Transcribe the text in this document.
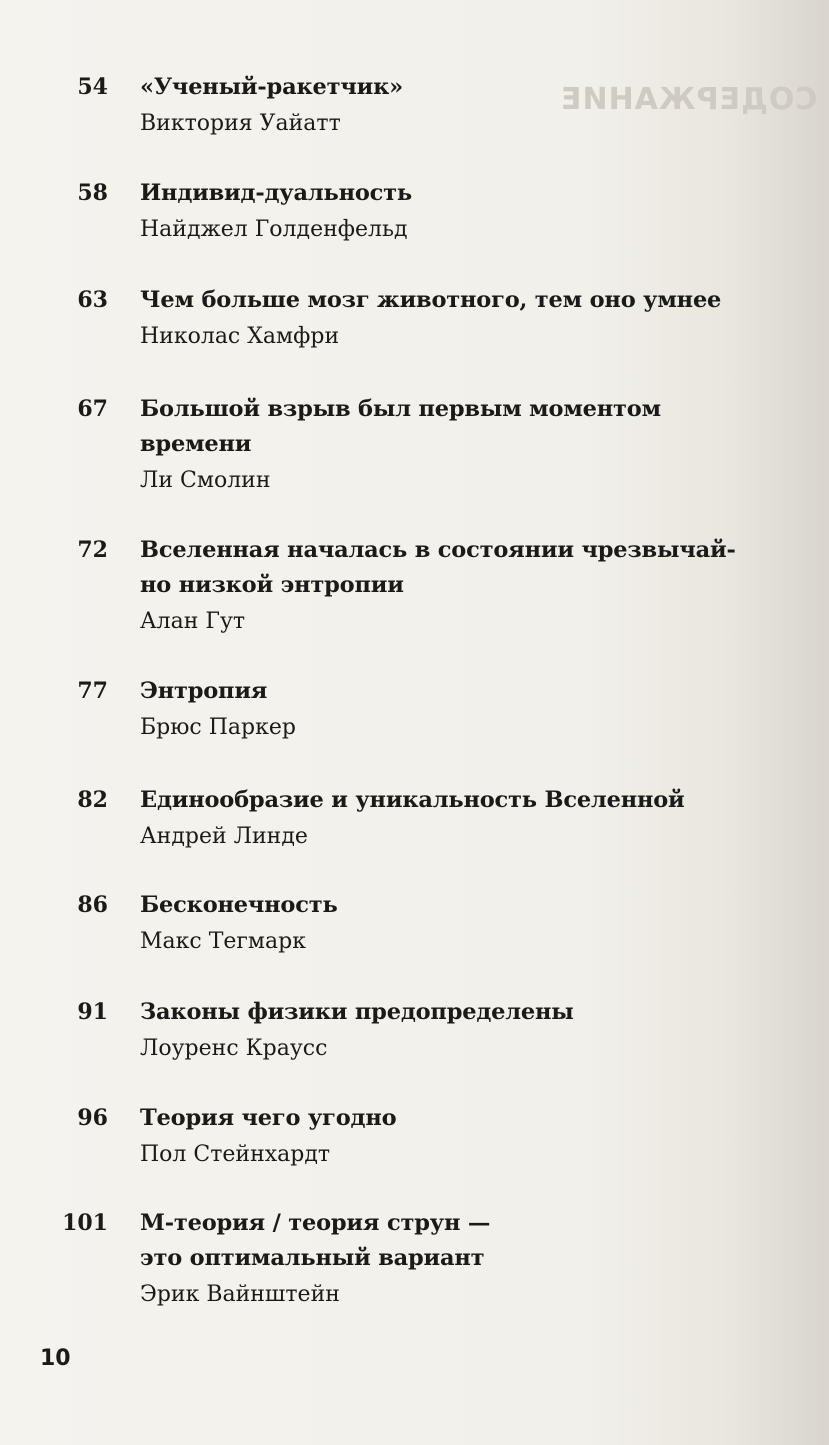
СОДЕРЖАНИЕ
54 «Ученый-ракетчик»
Виктория Уайатт
58 Индивид-дуальность
Найджел Голденфельд
63 Чем больше мозг животного, тем оно умнее
Николас Хамфри
67 Большой взрыв был первым моментом
времени
Ли Смолин
72 Вселенная началась в состоянии чрезвычай-
но низкой энтропии
Алан Гут
77 Энтропия
Брюс Паркер
82 Единообразие и уникальность Вселенной
Андрей Линде
86 Бесконечность
Макс Тегмарк
91 Законы физики предопределены
Лоуренс Краусс
96 Теория чего угодно
Пол Стейнхардт
101 М-теория / теория струн —
это оптимальный вариант
Эрик Вайнштейн
10
